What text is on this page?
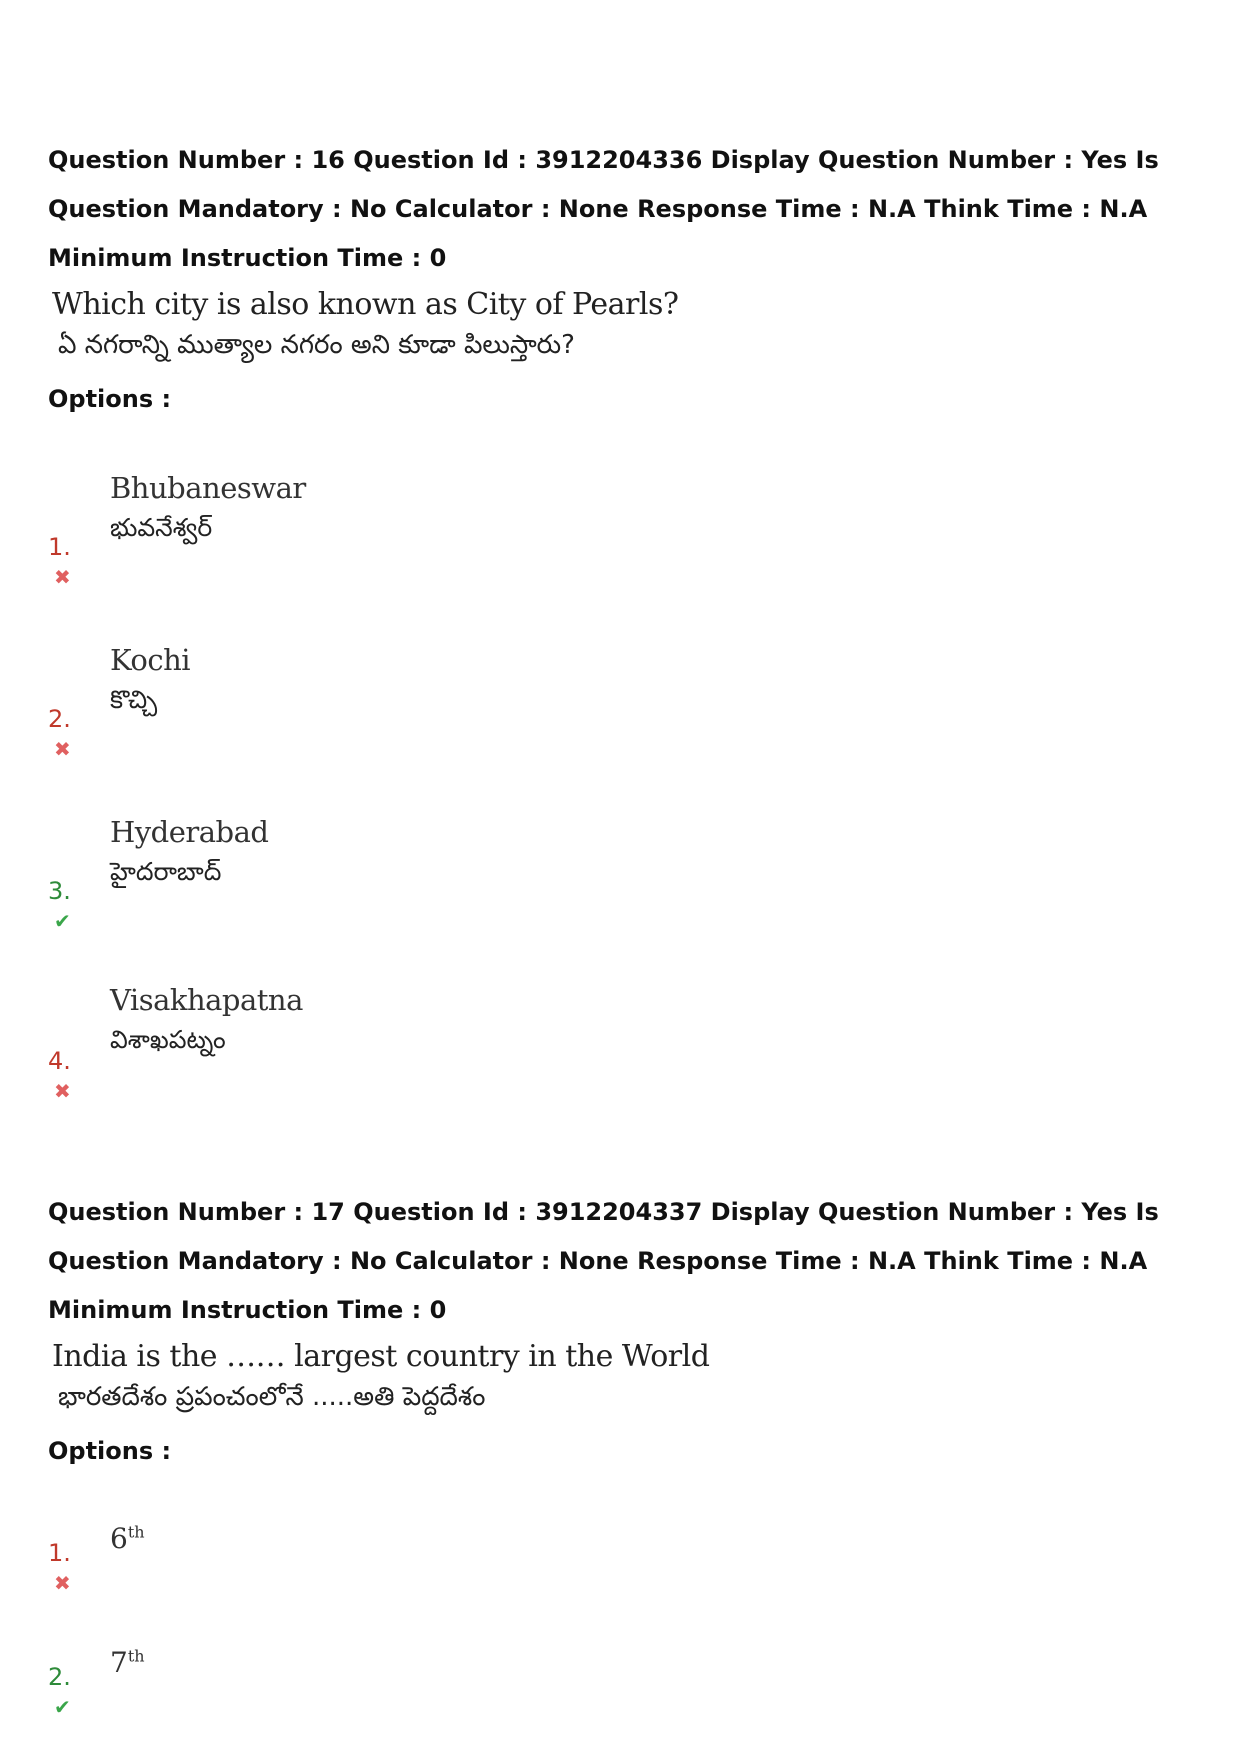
Question Number : 16 Question Id : 3912204336 Display Question Number : Yes Is Question Mandatory : No Calculator : None Response Time : N.A Think Time : N.A Minimum Instruction Time : 0

Which city is also known as City of Pearls?
ఏ నగరాన్ని ముత్యాల నగరం అని కూడా పిలుస్తారు?
Options :
1.✖
Bhubaneswar
భువనేశ్వర్
2.✖
Kochi
కొచ్చి
3.✔
Hyderabad
హైదరాబాద్
4.✖
Visakhapatna
విశాఖపట్నం

Question Number : 17 Question Id : 3912204337 Display Question Number : Yes Is Question Mandatory : No Calculator : None Response Time : N.A Think Time : N.A Minimum Instruction Time : 0

India is the …… largest country in the World
భారతదేశం ప్రపంచంలోనే .....అతి పెద్దదేశం
Options :
1.✖
6th
2.✔
7th
